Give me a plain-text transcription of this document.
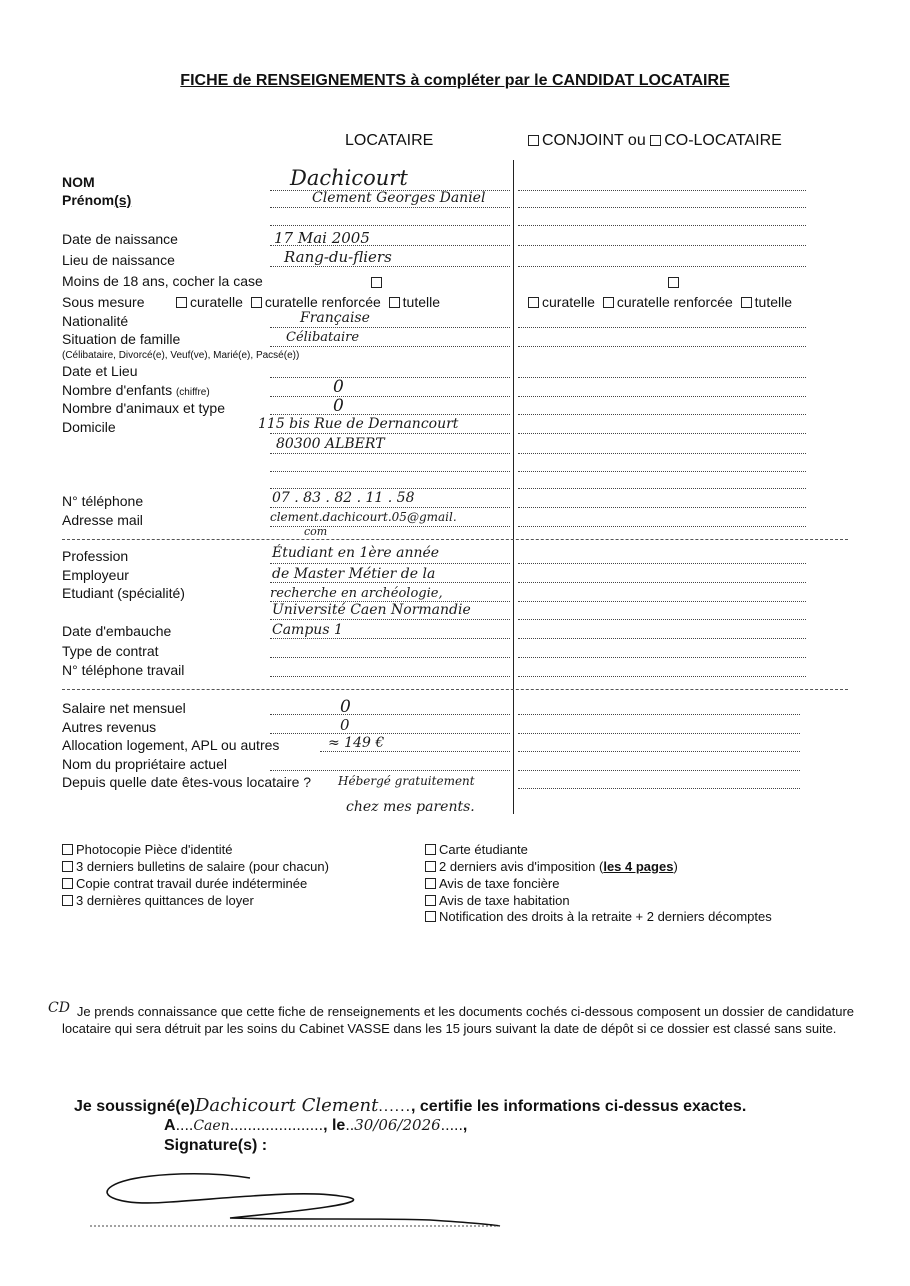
FICHE de RENSEIGNEMENTS à compléter par le CANDIDAT LOCATAIRE
LOCATAIRE	CONJOINT ou CO-LOCATAIRE
NOM
Prénom(s)
Date de naissance
Lieu de naissance
Moins de 18 ans, cocher la case
Sous mesure
Nationalité
Situation de famille
(Célibataire, Divorcé(e), Veuf(ve), Marié(e), Pacsé(e))
Date et Lieu
Nombre d'enfants (chiffre)
Nombre d'animaux et type
Domicile
N° téléphone
Adresse mail
curatelle curatelle renforcée tutelle	curatelle curatelle renforcée tutelle
Dachicourt
Clement Georges Daniel
17 Mai 2005
Rang-du-fliers
Française
Célibataire
0
0
115 bis Rue de Dernancourt
80300 ALBERT
07 . 83 . 82 . 11 . 58
clement.dachicourt.05@gmail.
com
Profession
Employeur
Etudiant (spécialité)
Date d'embauche
Type de contrat
N° téléphone travail
Étudiant en 1ère année
de Master Métier de la
recherche en archéologie,
Université Caen Normandie
Campus 1
Salaire net mensuel
Autres revenus
Allocation logement, APL ou autres
Nom du propriétaire actuel
Depuis quelle date êtes-vous locataire ?
0
0
≈ 149 €
Hébergé gratuitement
chez mes parents.
Photocopie Pièce d'identité
3 derniers bulletins de salaire (pour chacun)
Copie contrat travail durée indéterminée
3 dernières quittances de loyer
Carte étudiante
2 derniers avis d'imposition (les 4 pages)
Avis de taxe foncière
Avis de taxe habitation
Notification des droits à la retraite + 2 derniers décomptes
CD Je prends connaissance que cette fiche de renseignements et les documents cochés ci-dessous composent un dossier de candidature locataire qui sera détruit par les soins du Cabinet VASSE dans les 15 jours suivant la date de dépôt si ce dossier est classé sans suite.
Je soussigné(e)Dachicourt Clement......, certifie les informations ci-dessus exactes.
A....Caen....................., le..30/06/2026.....,
Signature(s) :
